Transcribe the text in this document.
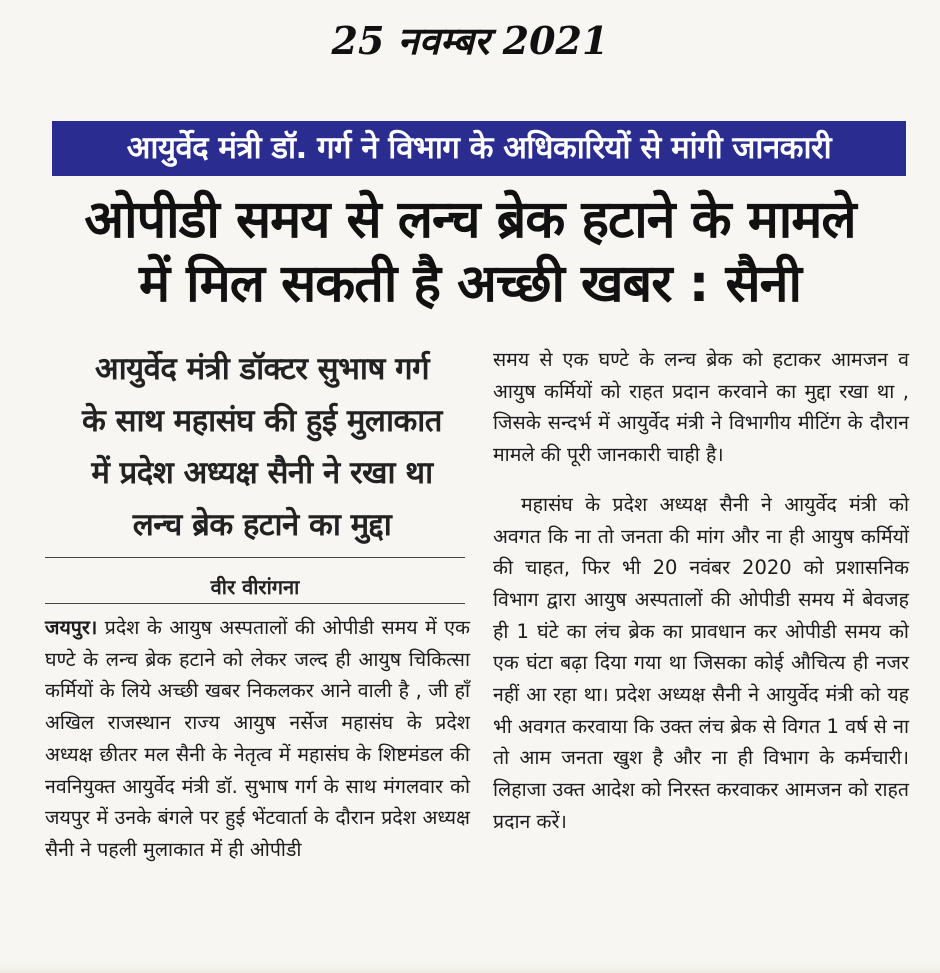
25 नवम्बर 2021
आयुर्वेद मंत्री डॉ. गर्ग ने विभाग के अधिकारियों से मांगी जानकारी
ओपीडी समय से लन्च ब्रेक हटाने के मामले
में मिल सकती है अच्छी खबर : सैनी
आयुर्वेद मंत्री डॉक्टर सुभाष गर्ग
के साथ महासंघ की हुई मुलाकात
में प्रदेश अध्यक्ष सैनी ने रखा था
लन्च ब्रेक हटाने का मुद्दा
वीर वीरांगना

जयपुर। प्रदेश के आयुष अस्पतालों की ओपीडी समय में एक घण्टे के लन्च ब्रेक हटाने को लेकर जल्द ही आयुष चिकित्सा कर्मियों के लिये अच्छी खबर निकलकर आने वाली है , जी हाँ अखिल राजस्थान राज्य आयुष नर्सेज महासंघ के प्रदेश अध्यक्ष छीतर मल सैनी के नेतृत्व में महासंघ के शिष्टमंडल की नवनियुक्त आयुर्वेद मंत्री डॉ. सुभाष गर्ग के साथ मंगलवार को जयपुर में उनके बंगले पर हुई भेंटवार्ता के दौरान प्रदेश अध्यक्ष सैनी ने पहली मुलाकात में ही ओपीडी

समय से एक घण्टे के लन्च ब्रेक को हटाकर आमजन व आयुष कर्मियों को राहत प्रदान करवाने का मुद्दा रखा था , जिसके सन्दर्भ में आयुर्वेद मंत्री ने विभागीय मीटिंग के दौरान मामले की पूरी जानकारी चाही है।

महासंघ के प्रदेश अध्यक्ष सैनी ने आयुर्वेद मंत्री को अवगत कि ना तो जनता की मांग और ना ही आयुष कर्मियों की चाहत, फिर भी 20 नवंबर 2020 को प्रशासनिक विभाग द्वारा आयुष अस्पतालों की ओपीडी समय में बेवजह ही 1 घंटे का लंच ब्रेक का प्रावधान कर ओपीडी समय को एक घंटा बढ़ा दिया गया था जिसका कोई औचित्य ही नजर नहीं आ रहा था। प्रदेश अध्यक्ष सैनी ने आयुर्वेद मंत्री को यह भी अवगत करवाया कि उक्त लंच ब्रेक से विगत 1 वर्ष से ना तो आम जनता खुश है और ना ही विभाग के कर्मचारी। लिहाजा उक्त आदेश को निरस्त करवाकर आमजन को राहत प्रदान करें।
